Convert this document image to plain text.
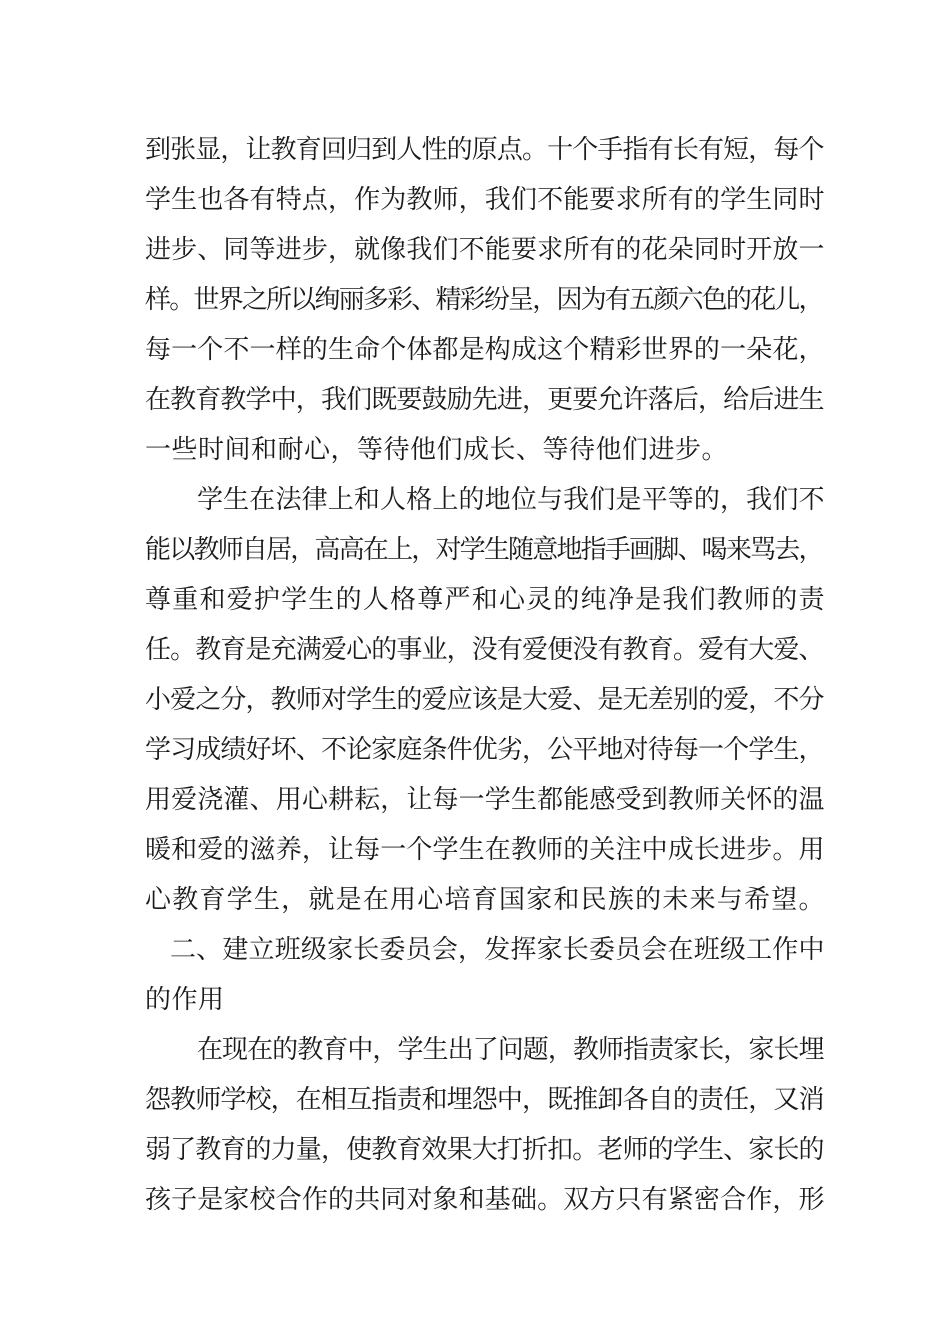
到张显，让教育回归到人性的原点。十个手指有长有短，每个
学生也各有特点，作为教师，我们不能要求所有的学生同时
进步、同等进步，就像我们不能要求所有的花朵同时开放一
样。世界之所以绚丽多彩、精彩纷呈，因为有五颜六色的花儿，
每一个不一样的生命个体都是构成这个精彩世界的一朵花，
在教育教学中，我们既要鼓励先进，更要允许落后，给后进生
一些时间和耐心，等待他们成长、等待他们进步。
学生在法律上和人格上的地位与我们是平等的，我们不
能以教师自居，高高在上，对学生随意地指手画脚、喝来骂去，
尊重和爱护学生的人格尊严和心灵的纯净是我们教师的责
任。教育是充满爱心的事业，没有爱便没有教育。爱有大爱、
小爱之分，教师对学生的爱应该是大爱、是无差别的爱，不分
学习成绩好坏、不论家庭条件优劣，公平地对待每一个学生，
用爱浇灌、用心耕耘，让每一学生都能感受到教师关怀的温
暖和爱的滋养，让每一个学生在教师的关注中成长进步。用
心教育学生，就是在用心培育国家和民族的未来与希望。
二、建立班级家长委员会，发挥家长委员会在班级工作中
的作用
在现在的教育中，学生出了问题，教师指责家长，家长埋
怨教师学校，在相互指责和埋怨中，既推卸各自的责任，又消
弱了教育的力量，使教育效果大打折扣。老师的学生、家长的
孩子是家校合作的共同对象和基础。双方只有紧密合作，形
